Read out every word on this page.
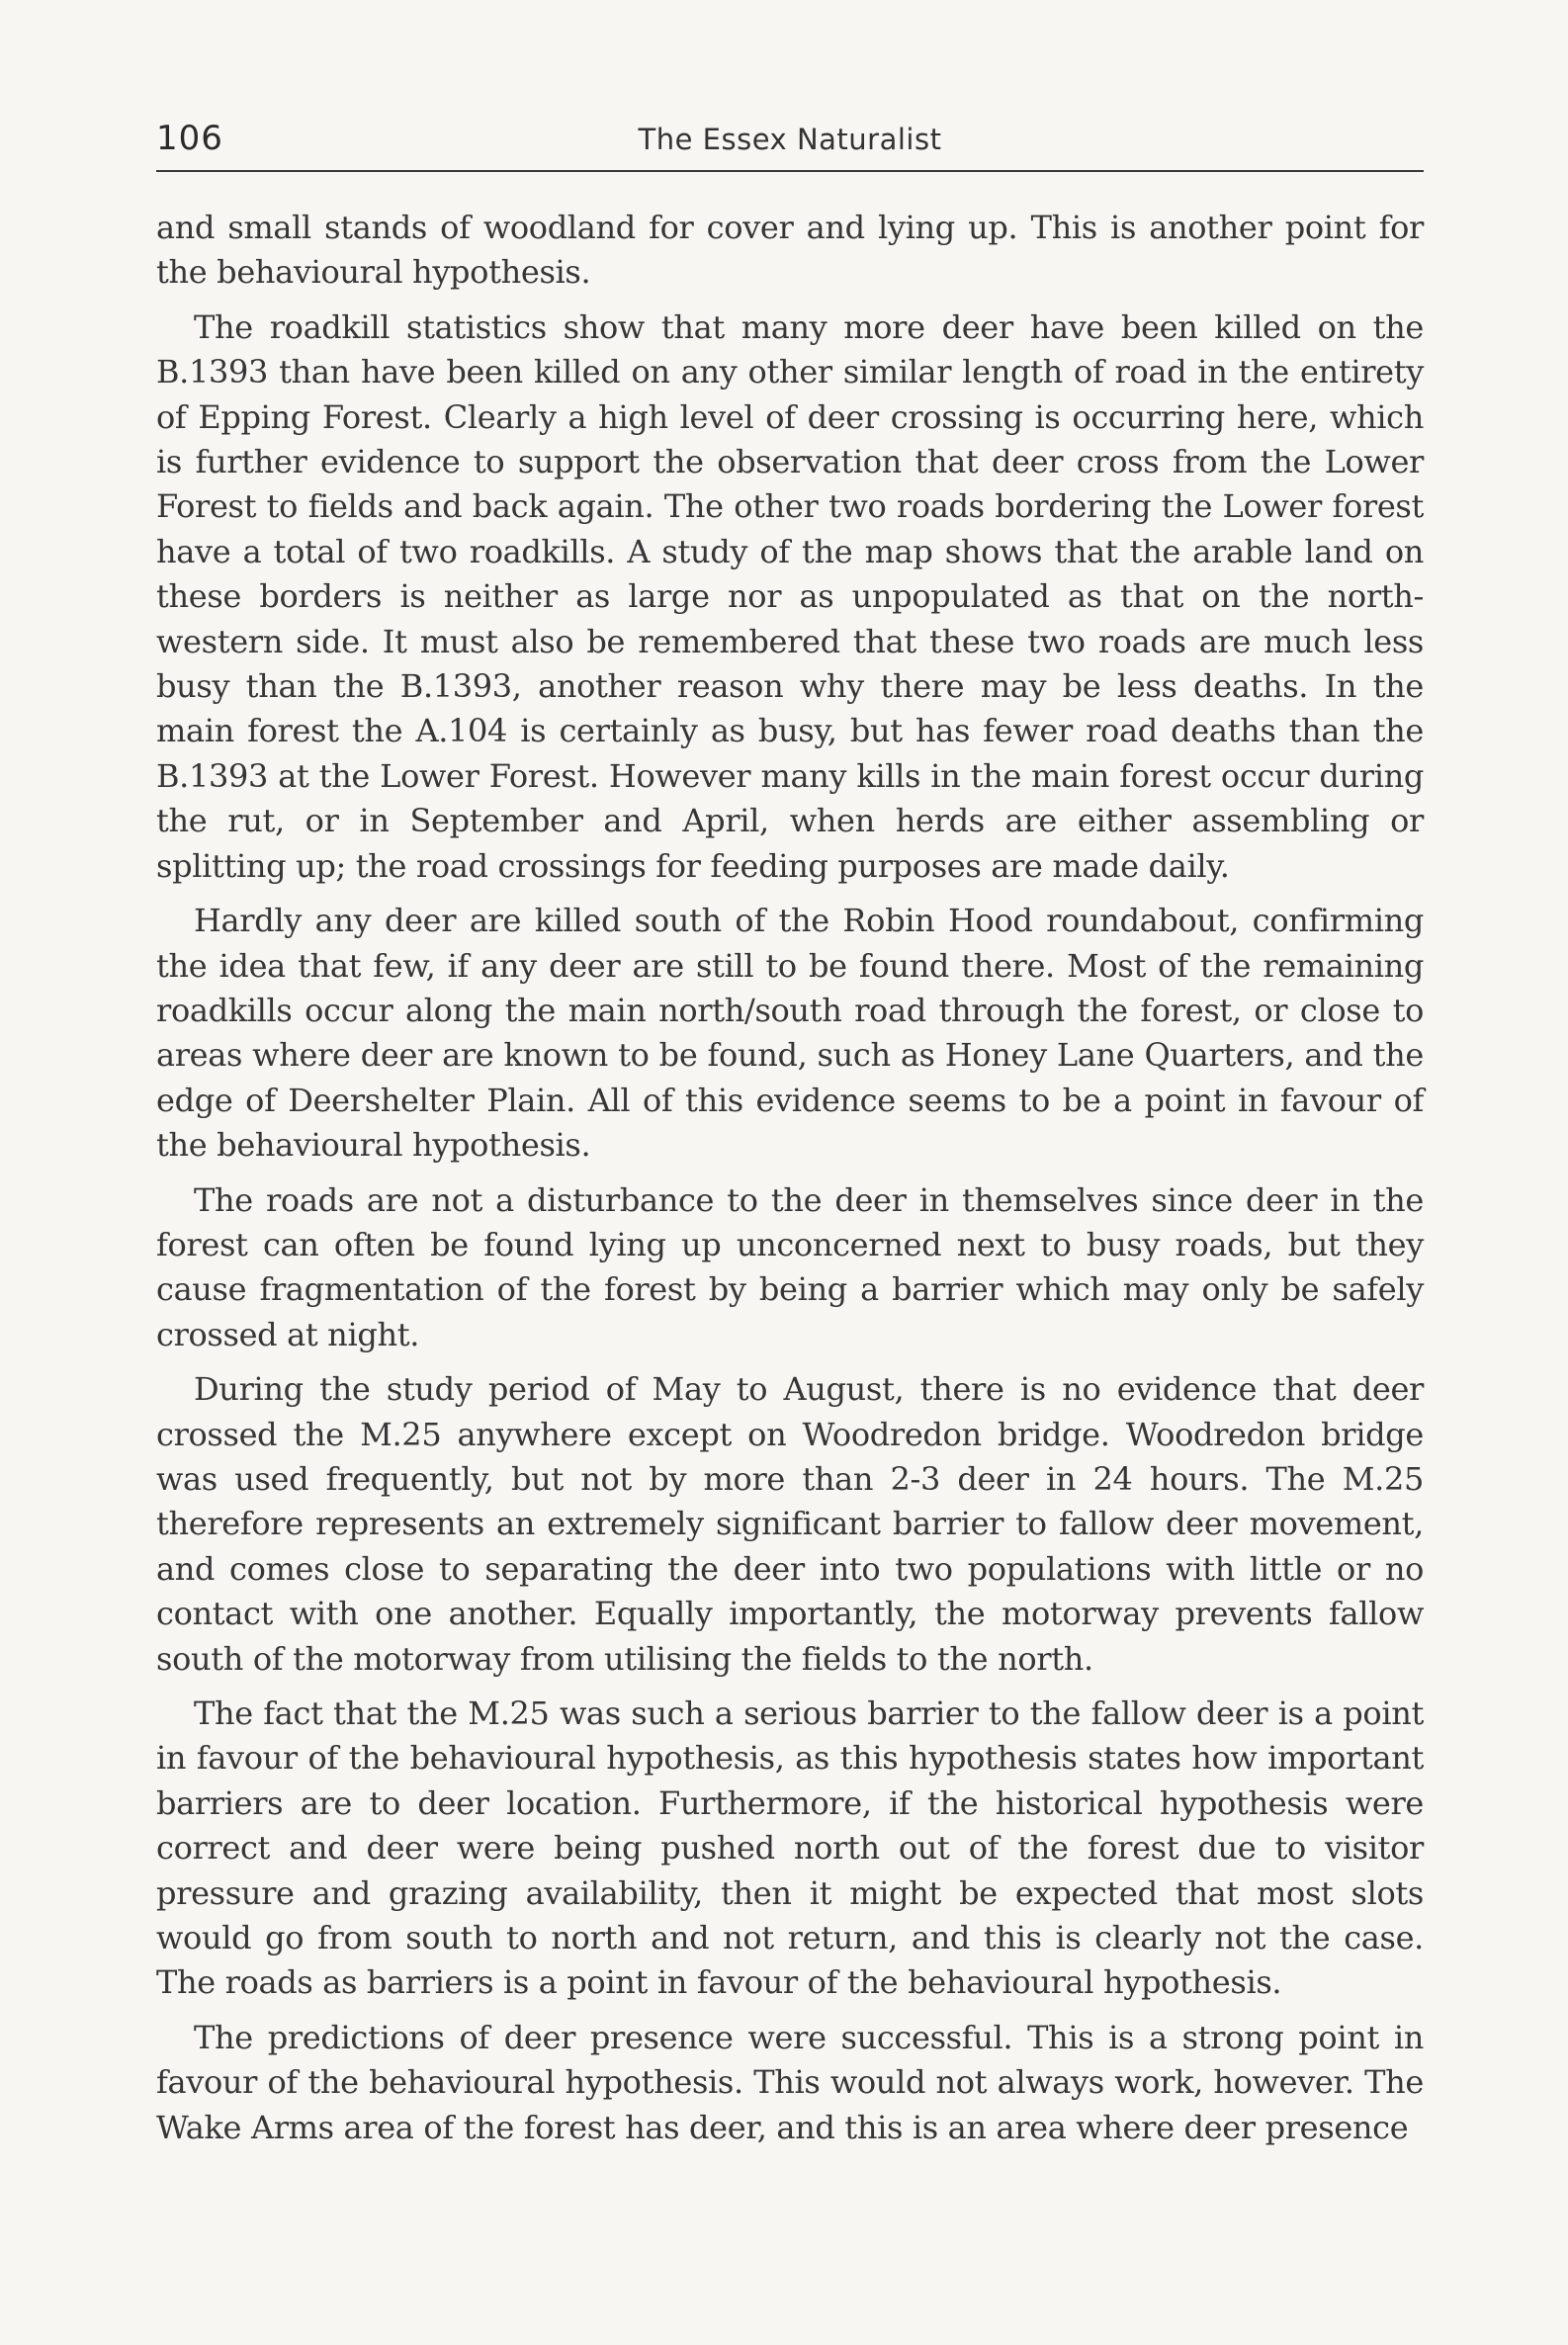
106	The Essex Naturalist

and small stands of woodland for cover and lying up. This is another point for the behavioural hypothesis.

The roadkill statistics show that many more deer have been killed on the B.1393 than have been killed on any other similar length of road in the entirety of Epping Forest. Clearly a high level of deer crossing is occurring here, which is further evidence to support the observation that deer cross from the Lower Forest to fields and back again. The other two roads bordering the Lower forest have a total of two roadkills. A study of the map shows that the arable land on these borders is neither as large nor as unpopulated as that on the north-western side. It must also be remembered that these two roads are much less busy than the B.1393, another reason why there may be less deaths. In the main forest the A.104 is certainly as busy, but has fewer road deaths than the B.1393 at the Lower Forest. However many kills in the main forest occur during the rut, or in September and April, when herds are either assembling or splitting up; the road crossings for feeding purposes are made daily.

Hardly any deer are killed south of the Robin Hood roundabout, confirming the idea that few, if any deer are still to be found there. Most of the remaining roadkills occur along the main north/south road through the forest, or close to areas where deer are known to be found, such as Honey Lane Quarters, and the edge of Deershelter Plain. All of this evidence seems to be a point in favour of the behavioural hypothesis.

The roads are not a disturbance to the deer in themselves since deer in the forest can often be found lying up unconcerned next to busy roads, but they cause fragmentation of the forest by being a barrier which may only be safely crossed at night.

During the study period of May to August, there is no evidence that deer crossed the M.25 anywhere except on Woodredon bridge. Woodredon bridge was used frequently, but not by more than 2-3 deer in 24 hours. The M.25 therefore represents an extremely significant barrier to fallow deer movement, and comes close to separating the deer into two populations with little or no contact with one another. Equally importantly, the motorway prevents fallow south of the motorway from utilising the fields to the north.

The fact that the M.25 was such a serious barrier to the fallow deer is a point in favour of the behavioural hypothesis, as this hypothesis states how important barriers are to deer location. Furthermore, if the historical hypothesis were correct and deer were being pushed north out of the forest due to visitor pressure and grazing availability, then it might be expected that most slots would go from south to north and not return, and this is clearly not the case. The roads as barriers is a point in favour of the behavioural hypothesis.

The predictions of deer presence were successful. This is a strong point in favour of the behavioural hypothesis. This would not always work, however. The Wake Arms area of the forest has deer, and this is an area where deer presence
